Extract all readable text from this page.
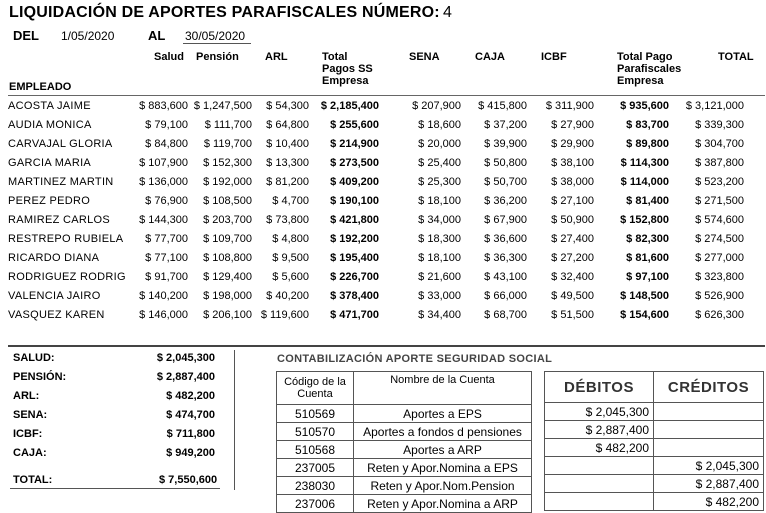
LIQUIDACIÓN DE APORTES PARAFISCALES NÚMERO: 4
DEL 1/05/2020	AL 30/05/2020
Salud Pensión ARL	Total
Pagos SS
Empresa
SENA	CAJA	ICBF	Total Pago
Parafiscales
Empresa
TOTAL
EMPLEADO
ACOSTA JAIME	$ 883,600 $ 1,247,500 $ 54,300 $ 2,185,400	$ 207,900 $ 415,800 $ 311,900 $ 935,600 $ 3,121,000
AUDIA MONICA	$ 79,100 $ 111,700 $ 64,800 $ 255,600	$ 18,600 $ 37,200 $ 27,900	$ 83,700 $ 339,300
CARVAJAL GLORIA	$ 84,800 $ 119,700 $ 10,400 $ 214,900	$ 20,000 $ 39,900 $ 29,900	$ 89,800 $ 304,700
GARCIA MARIA	$ 107,900 $ 152,300 $ 13,300 $ 273,500	$ 25,400 $ 50,800 $ 38,100 $ 114,300 $ 387,800
MARTINEZ MARTIN $ 136,000 $ 192,000 $ 81,200 $ 409,200	$ 25,300 $ 50,700 $ 38,000 $ 114,000 $ 523,200
PEREZ PEDRO	$ 76,900 $ 108,500 $ 4,700 $ 190,100	$ 18,100 $ 36,200 $ 27,100	$ 81,400 $ 271,500
RAMIREZ CARLOS	$ 144,300 $ 203,700 $ 73,800 $ 421,800	$ 34,000 $ 67,900 $ 50,900 $ 152,800 $ 574,600
RESTREPO RUBIELA $ 77,700 $ 109,700 $ 4,800 $ 192,200	$ 18,300 $ 36,600 $ 27,400	$ 82,300 $ 274,500
RICARDO DIANA	$ 77,100 $ 108,800 $ 9,500 $ 195,400	$ 18,100 $ 36,300 $ 27,200	$ 81,600 $ 277,000
RODRIGUEZ RODRIG $ 91,700 $ 129,400 $ 5,600 $ 226,700	$ 21,600 $ 43,100 $ 32,400	$ 97,100 $ 323,800
VALENCIA JAIRO	$ 140,200 $ 198,000 $ 40,200 $ 378,400	$ 33,000 $ 66,000 $ 49,500 $ 148,500 $ 526,900
VASQUEZ KAREN	$ 146,000 $ 206,100 $ 119,600 $ 471,700	$ 34,400 $ 68,700 $ 51,500 $ 154,600 $ 626,300
SALUD:	$ 2,045,300
PENSIÓN:	$ 2,887,400
ARL:	$ 482,200
SENA:	$ 474,700
ICBF:	$ 711,800
CAJA:	$ 949,200
TOTAL:	$ 7,550,600
CONTABILIZACIÓN APORTE SEGURIDAD SOCIAL
Código de la
Cuenta	Nombre de la Cuenta
510569	Aportes a EPS
510570	Aportes a fondos d pensiones
510568	Aportes a ARP
237005	Reten y Apor.Nomina a EPS
238030	Reten y Apor.Nom.Pension
237006	Reten y Apor.Nomina a ARP
DÉBITOS	CRÉDITOS
$ 2,045,300	
$ 2,887,400	
$ 482,200	
	$ 2,045,300
	$ 2,887,400
	$ 482,200
